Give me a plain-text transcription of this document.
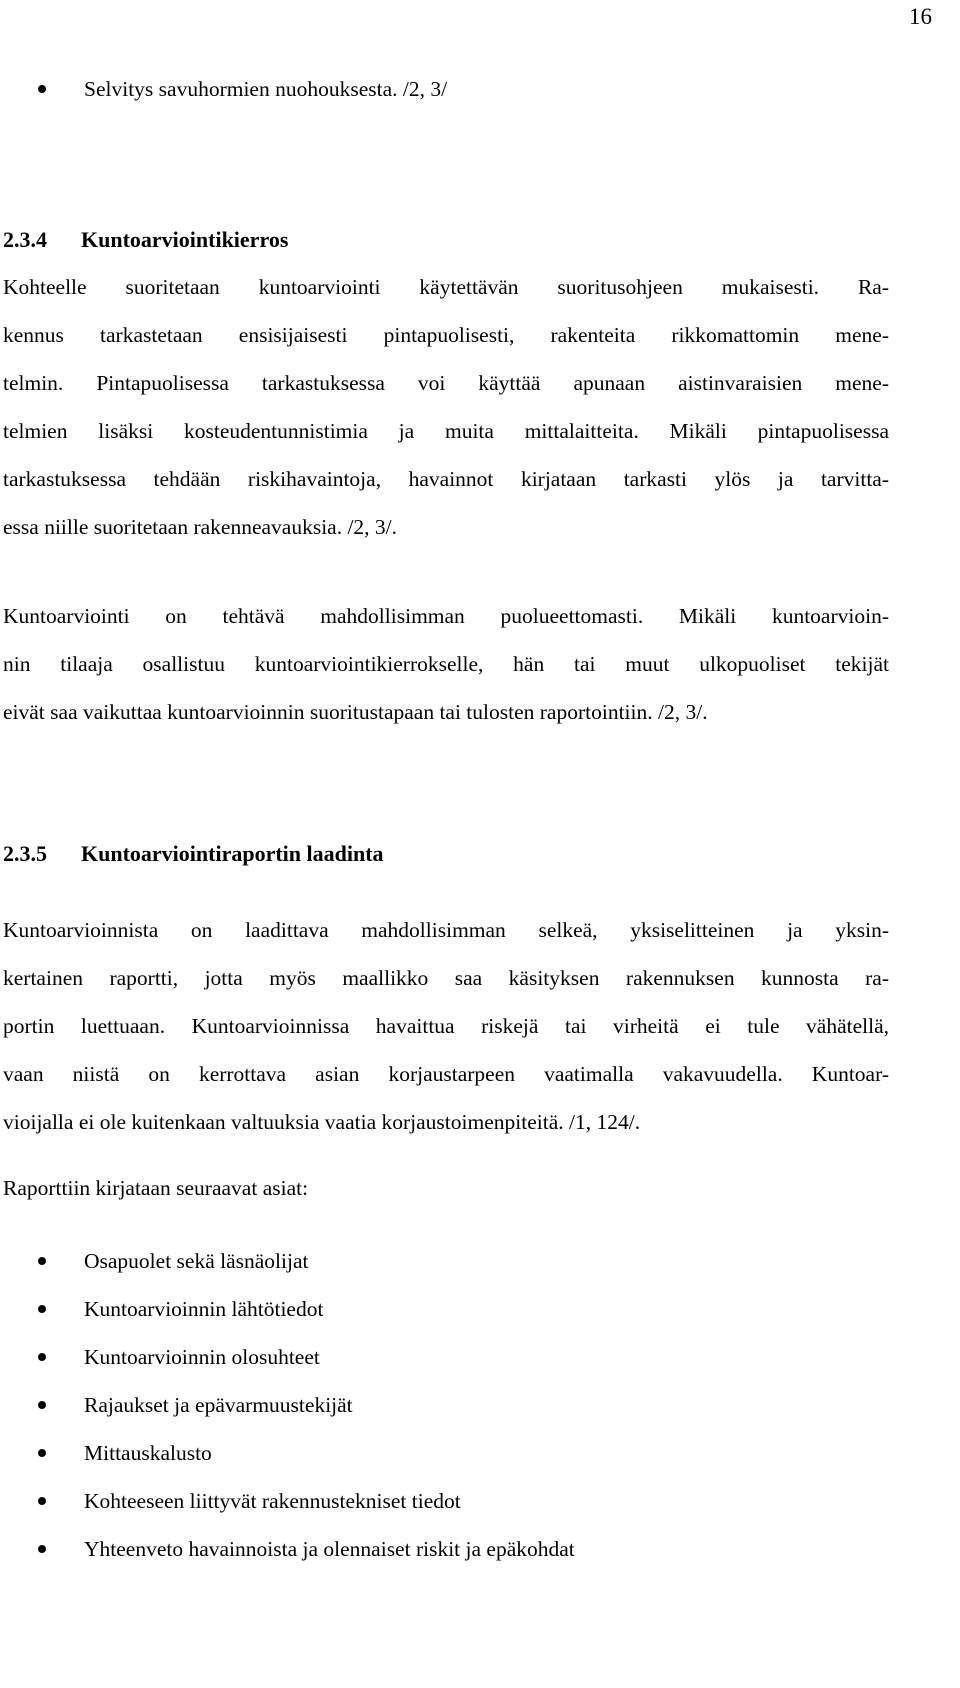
16
Selvitys savuhormien nuohouksesta. /2, 3/
2.3.4 Kuntoarviointikierros
Kohteelle suoritetaan kuntoarviointi käytettävän suoritusohjeen mukaisesti. Ra-
kennus tarkastetaan ensisijaisesti pintapuolisesti, rakenteita rikkomattomin mene-
telmin. Pintapuolisessa tarkastuksessa voi käyttää apunaan aistinvaraisien mene-
telmien lisäksi kosteudentunnistimia ja muita mittalaitteita. Mikäli pintapuolisessa
tarkastuksessa tehdään riskihavaintoja, havainnot kirjataan tarkasti ylös ja tarvitta-
essa niille suoritetaan rakenneavauksia. /2, 3/.
Kuntoarviointi on tehtävä mahdollisimman puolueettomasti. Mikäli kuntoarvioin-
nin tilaaja osallistuu kuntoarviointikierrokselle, hän tai muut ulkopuoliset tekijät
eivät saa vaikuttaa kuntoarvioinnin suoritustapaan tai tulosten raportointiin. /2, 3/.
2.3.5 Kuntoarviointiraportin laadinta
Kuntoarvioinnista on laadittava mahdollisimman selkeä, yksiselitteinen ja yksin-
kertainen raportti, jotta myös maallikko saa käsityksen rakennuksen kunnosta ra-
portin luettuaan. Kuntoarvioinnissa havaittua riskejä tai virheitä ei tule vähätellä,
vaan niistä on kerrottava asian korjaustarpeen vaatimalla vakavuudella. Kuntoar-
vioijalla ei ole kuitenkaan valtuuksia vaatia korjaustoimenpiteitä. /1, 124/.
Raporttiin kirjataan seuraavat asiat:
Osapuolet sekä läsnäolijat
Kuntoarvioinnin lähtötiedot
Kuntoarvioinnin olosuhteet
Rajaukset ja epävarmuustekijät
Mittauskalusto
Kohteeseen liittyvät rakennustekniset tiedot
Yhteenveto havainnoista ja olennaiset riskit ja epäkohdat
